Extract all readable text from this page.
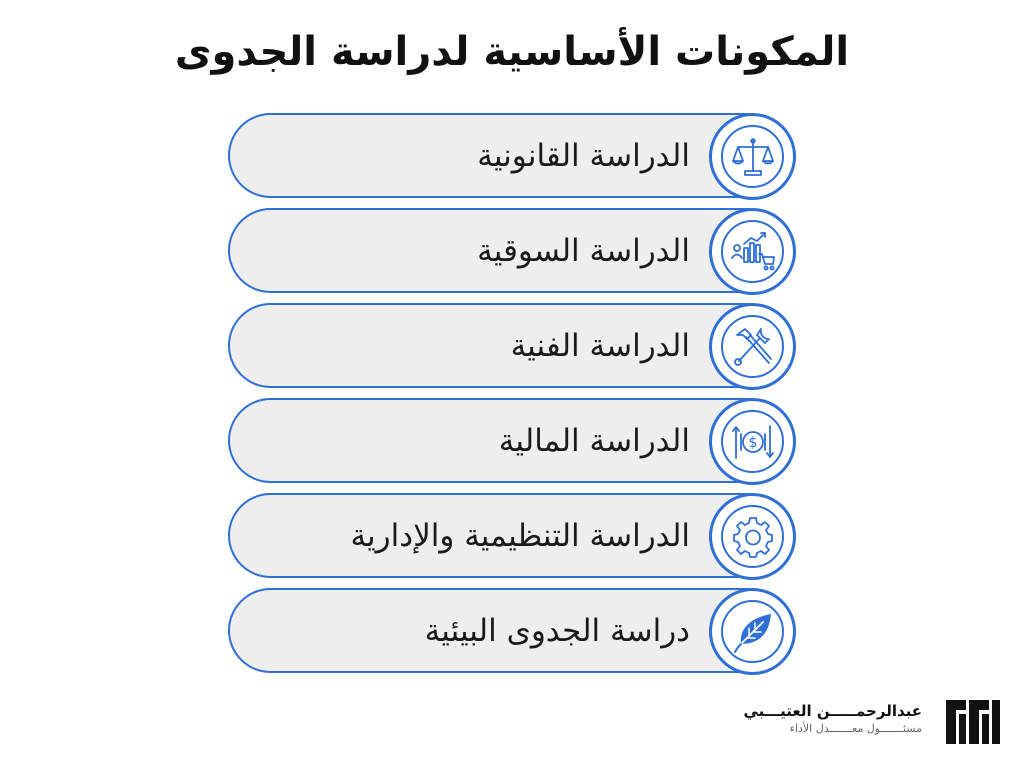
المكونات الأساسية لدراسة الجدوى
الدراسة القانونية
الدراسة السوقية
الدراسة الفنية
الدراسة المالية	$
الدراسة التنظيمية والإدارية
دراسة الجدوى البيئية
عبدالرحمـــــن العتيـــبي
مسئـــــــول معـــــــدل الأداء
